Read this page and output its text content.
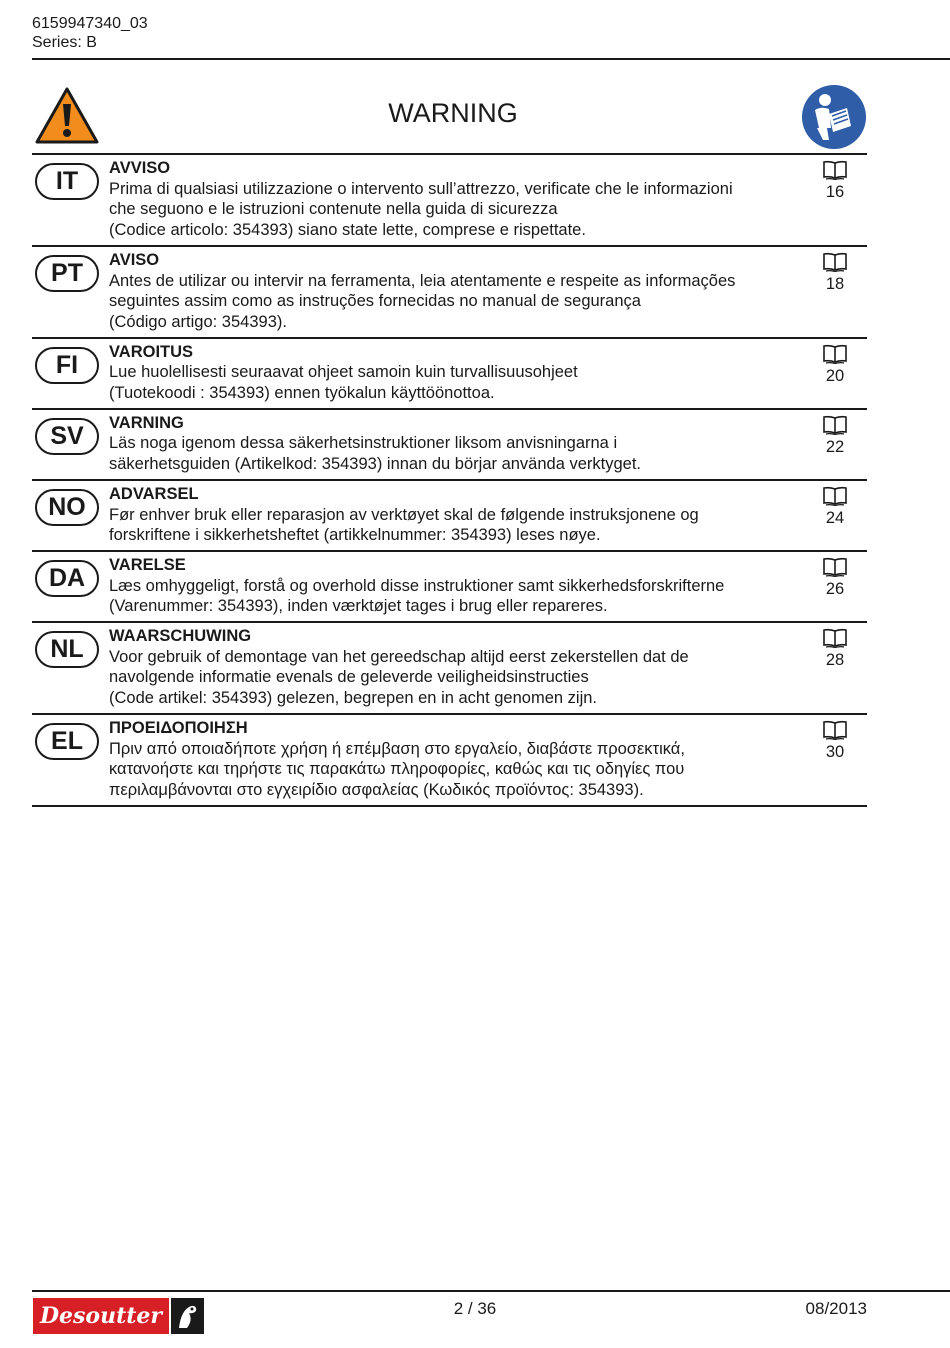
6159947340_03
Series: B
WARNING
IT	AVVISO
Prima di qualsiasi utilizzazione o intervento sull’attrezzo, verificate che le informazioni
che seguono e le istruzioni contenute nella guida di sicurezza
(Codice articolo: 354393) siano state lette, comprese e rispettate.
16
PT	AVISO
Antes de utilizar ou intervir na ferramenta, leia atentamente e respeite as informações
seguintes assim como as instruções fornecidas no manual de segurança
(Código artigo: 354393).
18
FI	VAROITUS
Lue huolellisesti seuraavat ohjeet samoin kuin turvallisuusohjeet
(Tuotekoodi : 354393) ennen työkalun käyttöönottoa.
20
SV	VARNING
Läs noga igenom dessa säkerhetsinstruktioner liksom anvisningarna i
säkerhetsguiden (Artikelkod: 354393) innan du börjar använda verktyget.
22
NO	ADVARSEL
Før enhver bruk eller reparasjon av verktøyet skal de følgende instruksjonene og
forskriftene i sikkerhetsheftet (artikkelnummer: 354393) leses nøye.
24
DA	VARELSE
Læs omhyggeligt, forstå og overhold disse instruktioner samt sikkerhedsforskrifterne
(Varenummer: 354393), inden værktøjet tages i brug eller repareres.
26
NL	WAARSCHUWING
Voor gebruik of demontage van het gereedschap altijd eerst zekerstellen dat de
navolgende informatie evenals de geleverde veiligheidsinstructies
(Code artikel: 354393) gelezen, begrepen en in acht genomen zijn.
28
EL	ΠΡΟΕΙΔΟΠΟΙΗΣΗ
Πριν από οποιαδήποτε χρήση ή επέμβαση στο εργαλείο, διαβάστε προσεκτικά,
κατανοήστε και τηρήστε τις παρακάτω πληροφορίες, καθώς και τις οδηγίες που
περιλαμβάνονται στο εγχειρίδιο ασφαλείας (Κωδικός προϊόντος: 354393).
30
Desoutter	2 / 36	08/2013
